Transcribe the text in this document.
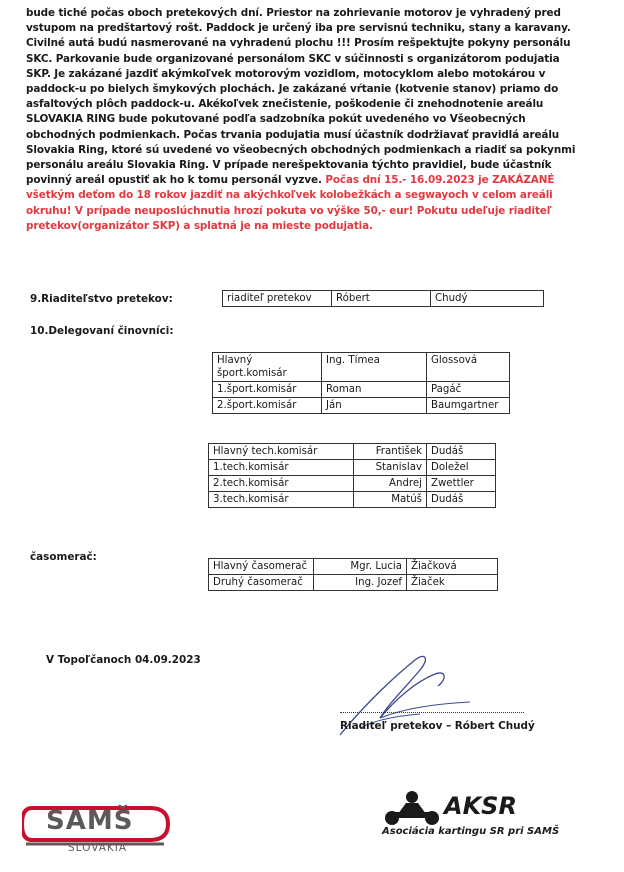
bude tiché počas oboch pretekových dní. Priestor na zohrievanie motorov je vyhradený pred vstupom na predštartový rošt. Paddock je určený iba pre servisnú techniku, stany a karavany. Civilné autá budú nasmerované na vyhradenú plochu !!! Prosím rešpektujte pokyny personálu SKC. Parkovanie bude organizované personálom SKC v súčinnosti s organizátorom podujatia SKP. Je zakázané jazdiť akýmkoľvek motorovým vozidlom, motocyklom alebo motokárou v paddock-u po bielych šmykových plochách. Je zakázané vŕtanie (kotvenie stanov) priamo do asfaltových plôch paddock-u. Akékoľvek znečistenie, poškodenie či znehodnotenie areálu SLOVAKIA RING bude pokutované podľa sadzobníka pokút uvedeného vo Všeobecných obchodných podmienkach. Počas trvania podujatia musí účastník dodržiavať pravidlá areálu Slovakia Ring, ktoré sú uvedené vo všeobecných obchodných podmienkach a riadiť sa pokynmi personálu areálu Slovakia Ring. V prípade nerešpektovania týchto pravidiel, bude účastník povinný areál opustiť ak ho k tomu personál vyzve. Počas dní 15.- 16.09.2023 je ZAKÁZANÉ všetkým deťom do 18 rokov jazdiť na akýchkoľvek kolobežkách a segwayoch v celom areáli okruhu! V prípade neuposlúchnutia hrozí pokuta vo výške 50,- eur! Pokutu udeľuje riaditeľ pretekov(organizátor SKP) a splatná je na mieste podujatia.
9.Riaditeľstvo pretekov:	riaditeľ pretekov	Róbert	Chudý
10.Delegovaní činovníci:
Hlavný šport.komisár	Ing. Tímea	Glossová
1.šport.komisár	Roman	Pagáč
2.šport.komisár	Ján	Baumgartner
Hlavný tech.komisár	František	Dudáš
1.tech.komisár	Stanislav	Doležel
2.tech.komisár	Andrej	Zwettler
3.tech.komisár	Matúš	Dudáš
časomerač:
Hlavný časomerač	Mgr. Lucia	Žiačková
Druhý časomerač	Ing. Jozef	Žiaček
V Topoľčanoch 04.09.2023
Riaditeľ pretekov – Róbert Chudý
SAMŠ
SLOVAKIA
AKSR
Asociácia kartingu SR pri SAMŠ
